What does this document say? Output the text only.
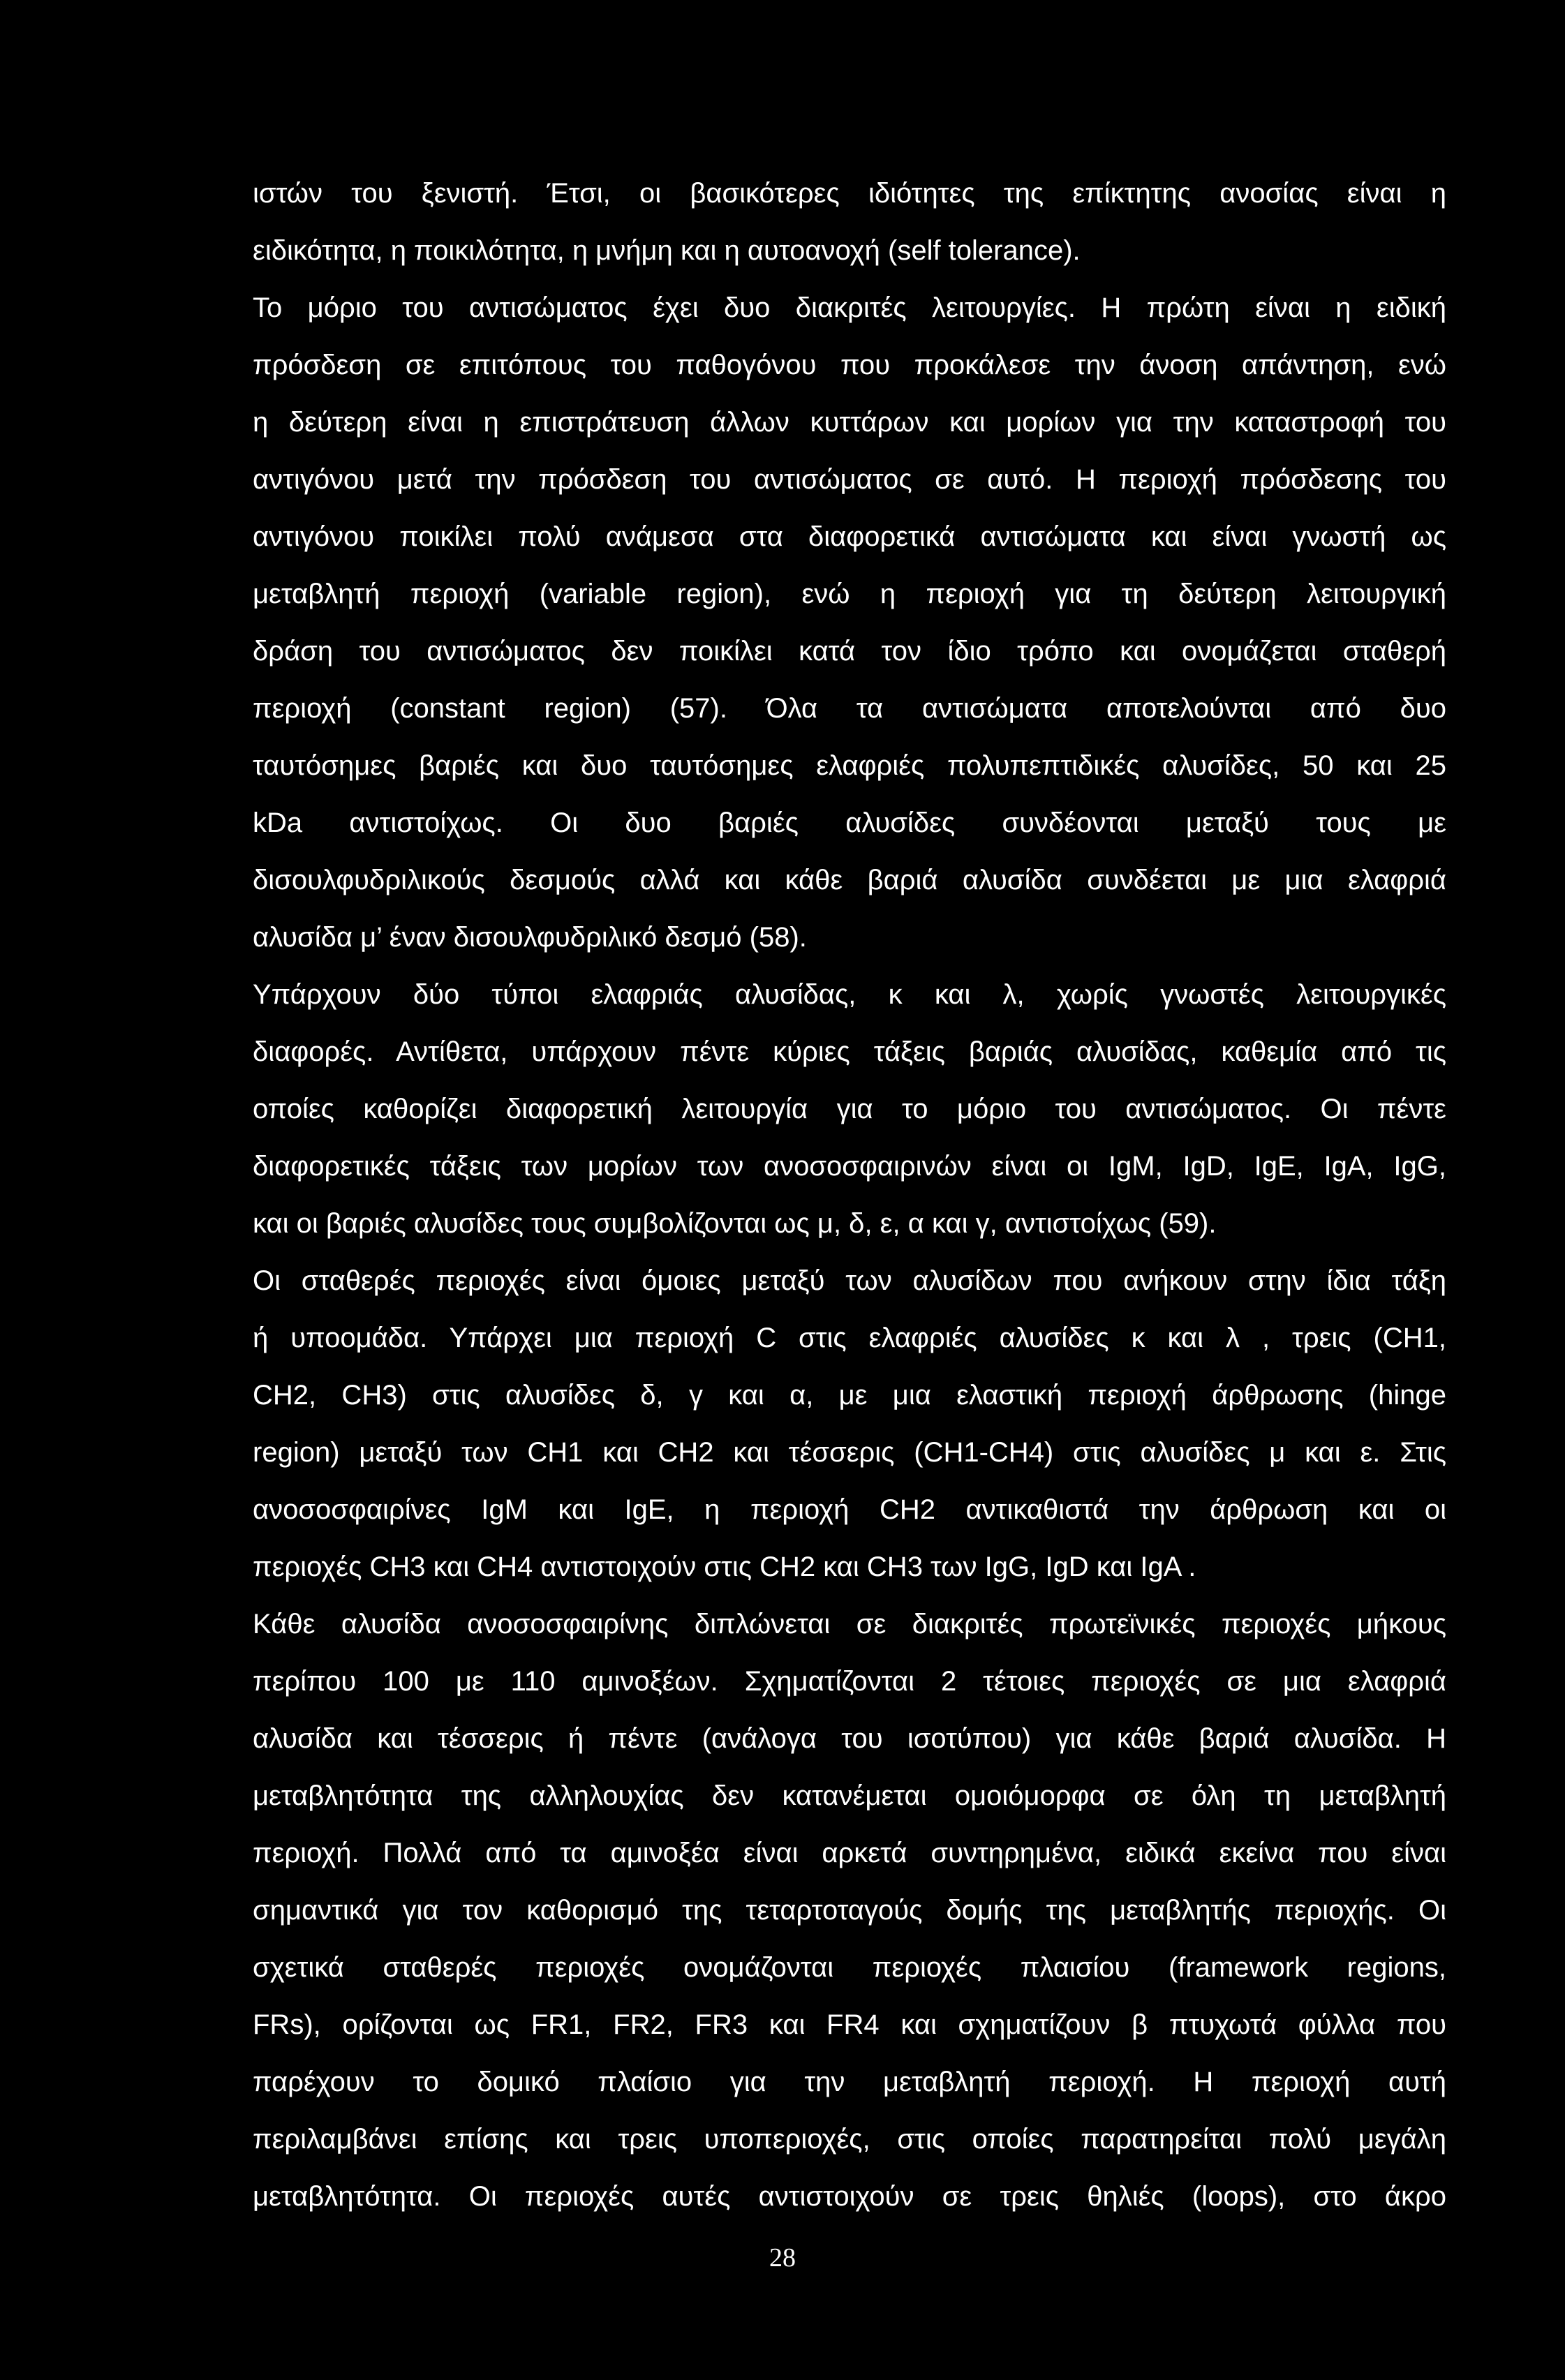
ιστών του ξενιστή. Έτσι, οι βασικότερες ιδιότητες της επίκτητης ανοσίας είναι η
ειδικότητα, η ποικιλότητα, η μνήμη και η αυτοανοχή (self tolerance).
Το μόριο του αντισώματος έχει δυο διακριτές λειτουργίες. Η πρώτη είναι η ειδική
πρόσδεση σε επιτόπους του παθογόνου που προκάλεσε την άνοση απάντηση, ενώ
η δεύτερη είναι η επιστράτευση άλλων κυττάρων και μορίων για την καταστροφή του
αντιγόνου μετά την πρόσδεση του αντισώματος σε αυτό. Η περιοχή πρόσδεσης του
αντιγόνου ποικίλει πολύ ανάμεσα στα διαφορετικά αντισώματα και είναι γνωστή ως
μεταβλητή περιοχή (variable region), ενώ η περιοχή για τη δεύτερη λειτουργική
δράση του αντισώματος δεν ποικίλει κατά τον ίδιο τρόπο και ονομάζεται σταθερή
περιοχή (constant region) (57). Όλα τα αντισώματα αποτελούνται από δυο
ταυτόσημες βαριές και δυο ταυτόσημες ελαφριές πολυπεπτιδικές αλυσίδες, 50 και 25
kDa αντιστοίχως. Οι δυο βαριές αλυσίδες συνδέονται μεταξύ τους με
δισουλφυδριλικούς δεσμούς αλλά και κάθε βαριά αλυσίδα συνδέεται με μια ελαφριά
αλυσίδα μ’ έναν δισουλφυδριλικό δεσμό (58).
Υπάρχουν δύο τύποι ελαφριάς αλυσίδας, κ και λ, χωρίς γνωστές λειτουργικές
διαφορές. Αντίθετα, υπάρχουν πέντε κύριες τάξεις βαριάς αλυσίδας, καθεμία από τις
οποίες καθορίζει διαφορετική λειτουργία για το μόριο του αντισώματος. Οι πέντε
διαφορετικές τάξεις των μορίων των ανοσοσφαιρινών είναι οι IgM, IgD, IgE, IgA, IgG,
και οι βαριές αλυσίδες τους συμβολίζονται ως μ, δ, ε, α και γ, αντιστοίχως (59).
Οι σταθερές περιοχές είναι όμοιες μεταξύ των αλυσίδων που ανήκουν στην ίδια τάξη
ή υποομάδα. Υπάρχει μια περιοχή C στις ελαφριές αλυσίδες κ και λ , τρεις (CH1,
CH2, CH3) στις αλυσίδες δ, γ και α, με μια ελαστική περιοχή άρθρωσης (hinge
region) μεταξύ των CH1 και CH2 και τέσσερις (CH1-CH4) στις αλυσίδες μ και ε. Στις
ανοσοσφαιρίνες IgM και IgE, η περιοχή CH2 αντικαθιστά την άρθρωση και οι
περιοχές CH3 και CH4 αντιστοιχούν στις CH2 και CH3 των IgG, IgD και IgA .
Κάθε αλυσίδα ανοσοσφαιρίνης διπλώνεται σε διακριτές πρωτεϊνικές περιοχές μήκους
περίπου 100 με 110 αμινοξέων. Σχηματίζονται 2 τέτοιες περιοχές σε μια ελαφριά
αλυσίδα και τέσσερις ή πέντε (ανάλογα του ισοτύπου) για κάθε βαριά αλυσίδα. Η
μεταβλητότητα της αλληλουχίας δεν κατανέμεται ομοιόμορφα σε όλη τη μεταβλητή
περιοχή. Πολλά από τα αμινοξέα είναι αρκετά συντηρημένα, ειδικά εκείνα που είναι
σημαντικά για τον καθορισμό της τεταρτοταγούς δομής της μεταβλητής περιοχής. Οι
σχετικά σταθερές περιοχές ονομάζονται περιοχές πλαισίου (framework regions,
FRs), ορίζονται ως FR1, FR2, FR3 και FR4 και σχηματίζουν β πτυχωτά φύλλα που
παρέχουν το δομικό πλαίσιο για την μεταβλητή περιοχή. Η περιοχή αυτή
περιλαμβάνει επίσης και τρεις υποπεριοχές, στις οποίες παρατηρείται πολύ μεγάλη
μεταβλητότητα. Οι περιοχές αυτές αντιστοιχούν σε τρεις θηλιές (loops), στο άκρο
28
